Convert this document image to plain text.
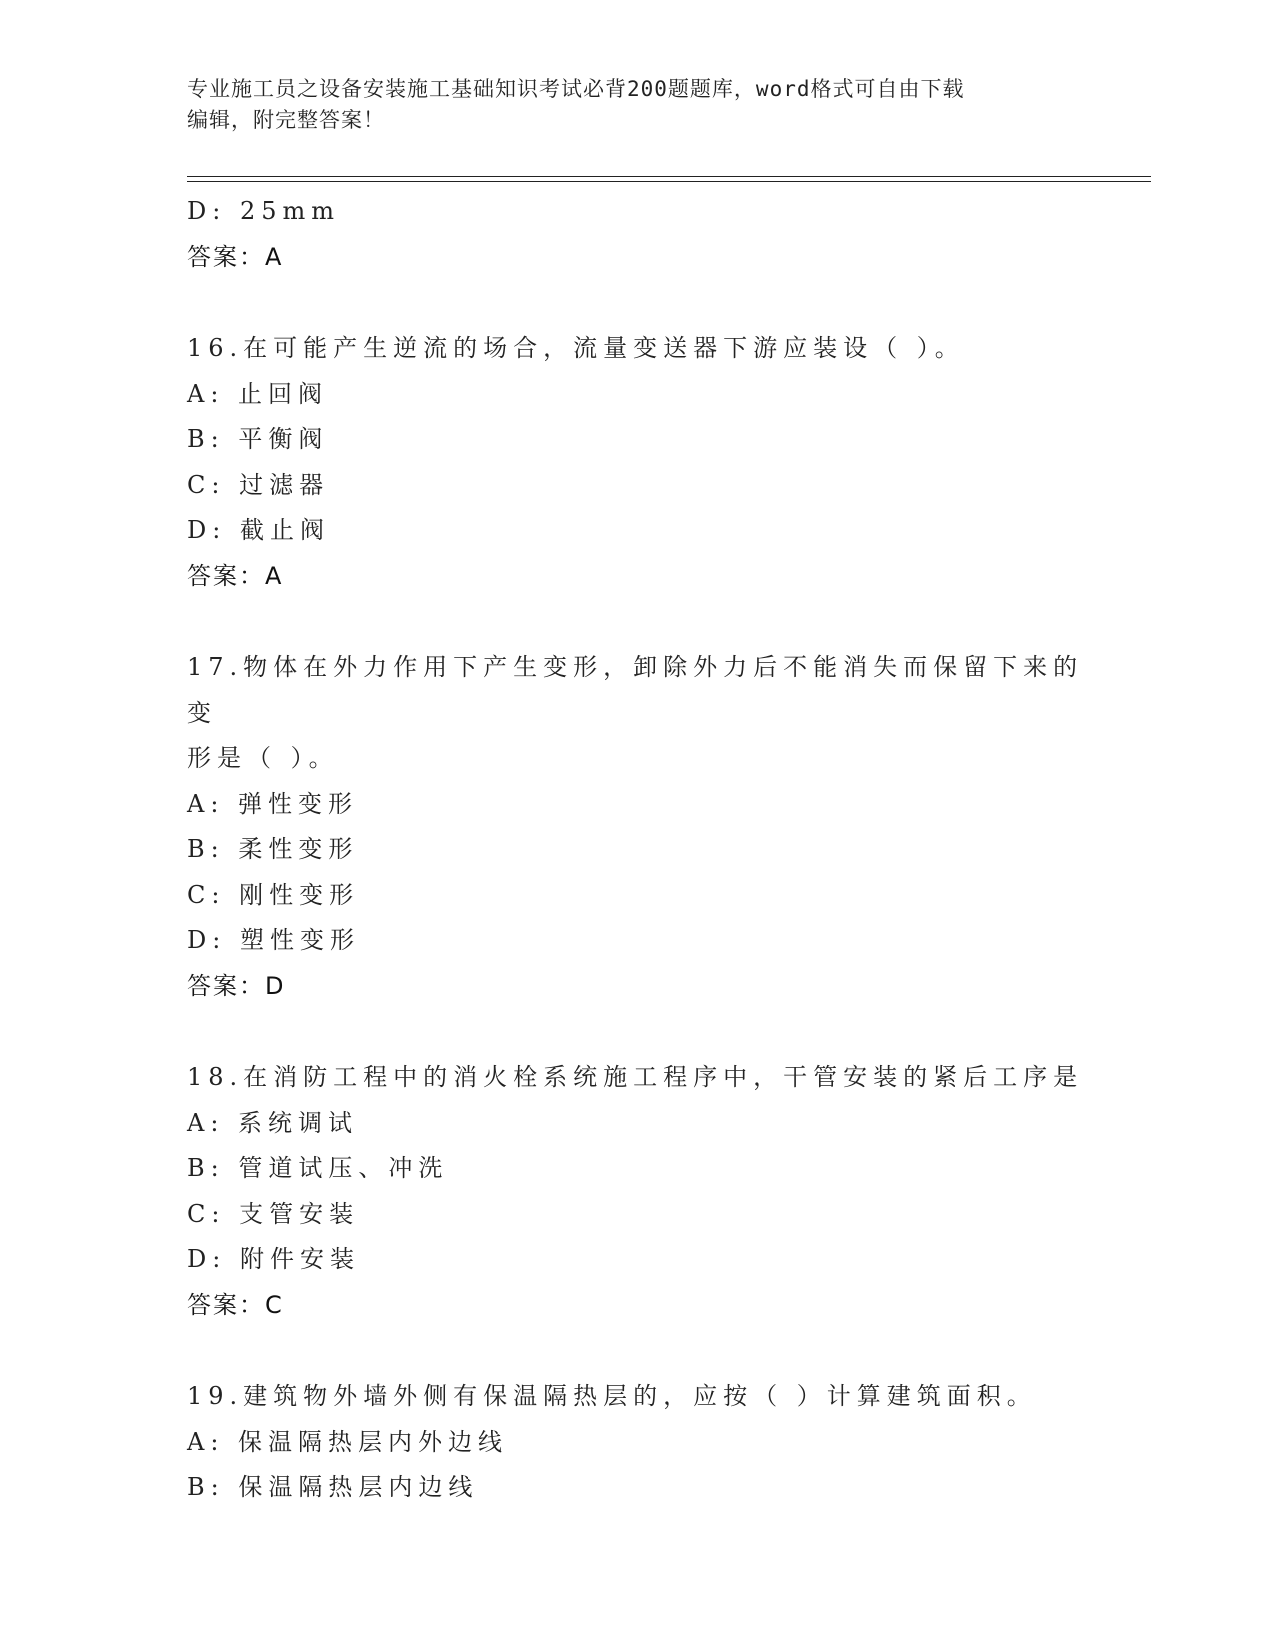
专业施工员之设备安装施工基础知识考试必背200题题库，word格式可自由下载
编辑，附完整答案！
D: 25mm
答案：A
16.在可能产生逆流的场合，流量变送器下游应装设（ ）。
A: 止回阀
B: 平衡阀
C: 过滤器
D: 截止阀
答案：A
17.物体在外力作用下产生变形，卸除外力后不能消失而保留下来的变
形是（ ）。
A: 弹性变形
B: 柔性变形
C: 刚性变形
D: 塑性变形
答案：D
18.在消防工程中的消火栓系统施工程序中，干管安装的紧后工序是
A: 系统调试
B: 管道试压、冲洗
C: 支管安装
D: 附件安装
答案：C
19.建筑物外墙外侧有保温隔热层的，应按（ ）计算建筑面积。
A: 保温隔热层内外边线
B: 保温隔热层内边线
